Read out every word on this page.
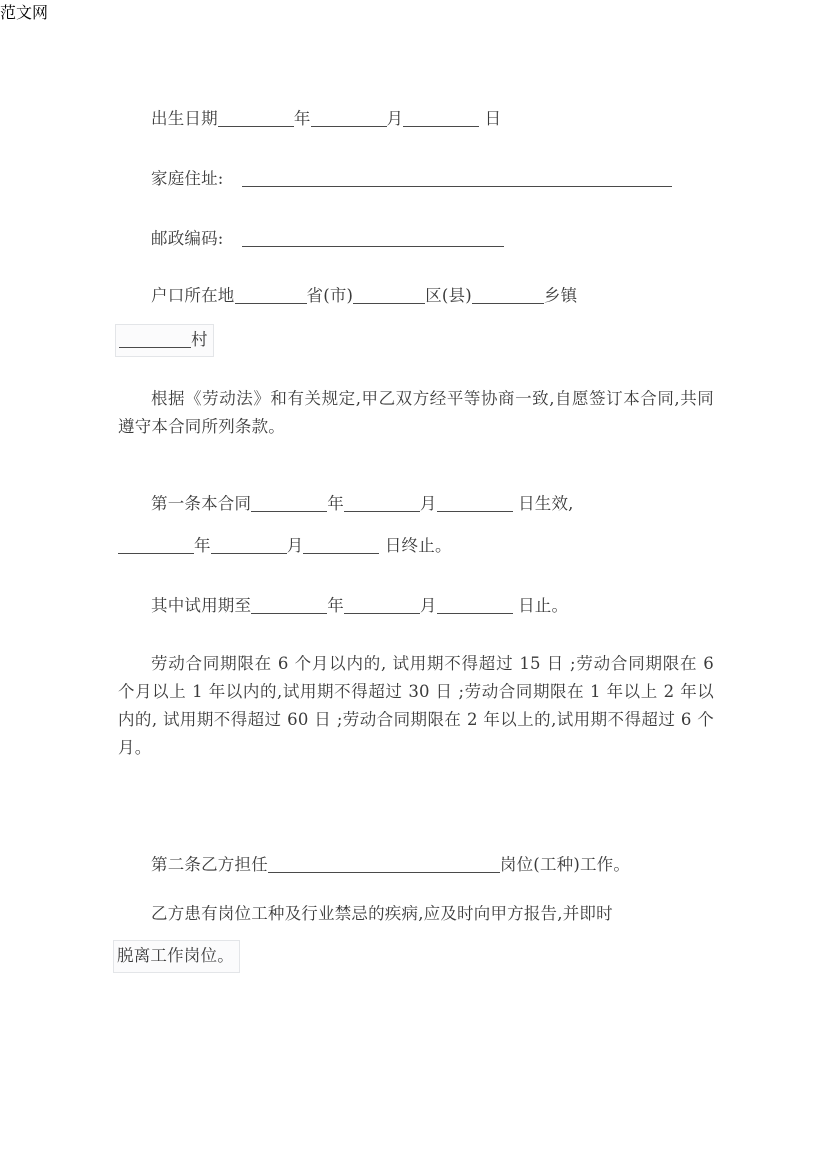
范文网
出生日期	年	月	日
家庭住址:
邮政编码:
户口所在地	省(市)	区(县)	乡镇
村
根据《劳动法》和有关规定,甲乙双方经平等协商一致,自愿签订本合同,共同遵守本合同所列条款。
第一条本合同	年	月	日生效,
年	月	日终止。
其中试用期至	年	月	日止。
劳动合同期限在 6 个月以内的, 试用期不得超过 15 日 ;劳动合同期限在 6 个月以上 1 年以内的,试用期不得超过 30 日 ;劳动合同期限在 1 年以上 2 年以内的, 试用期不得超过 60 日 ;劳动合同期限在 2 年以上的,试用期不得超过 6 个月。
第二条乙方担任	岗位(工种)工作。
乙方患有岗位工种及行业禁忌的疾病,应及时向甲方报告,并即时
脱离工作岗位。
